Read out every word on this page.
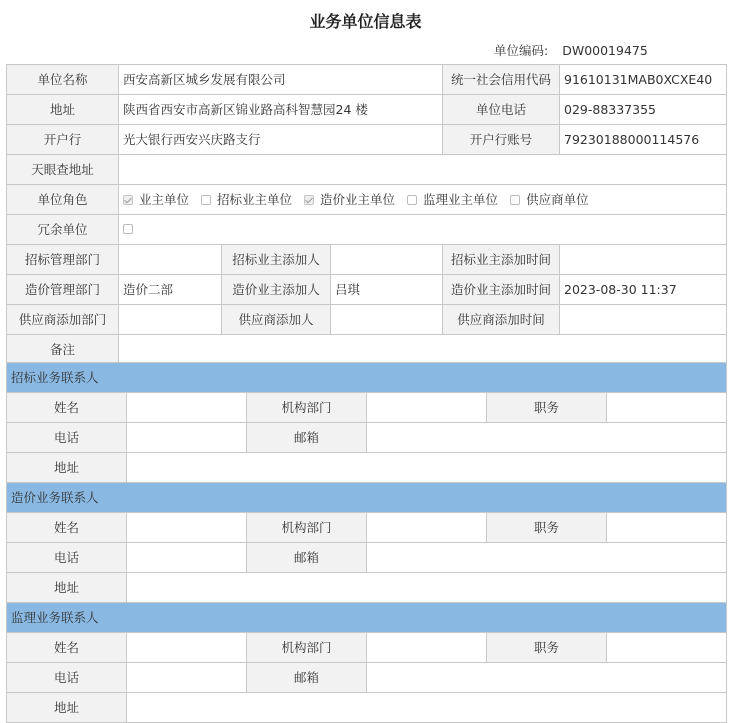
业务单位信息表
单位编码: DW00019475
单位名称	西安高新区城乡发展有限公司			统一社会信用代码	91610131MAB0XCXE40
地址	陕西省西安市高新区锦业路高科智慧园24 楼			单位电话	029-88337355
开户行	光大银行西安兴庆路支行			开户行账号	79230188000114576
天眼查地址					
单位角色	业主单位 招标业主单位 造价业主单位 监理业主单位 供应商单位				

冗余单位					
招标管理部门		招标业主添加人		招标业主添加时间	
造价管理部门	造价二部	造价业主添加人	吕琪	造价业主添加时间	2023-08-30 11:37
供应商添加部门		供应商添加人		供应商添加时间	
备注					
招标业务联系人					
姓名		机构部门		职务	
电话		邮箱			
地址					
造价业务联系人					
姓名		机构部门		职务	
电话		邮箱			
地址					
监理业务联系人					
姓名		机构部门		职务	
电话		邮箱			
地址					
